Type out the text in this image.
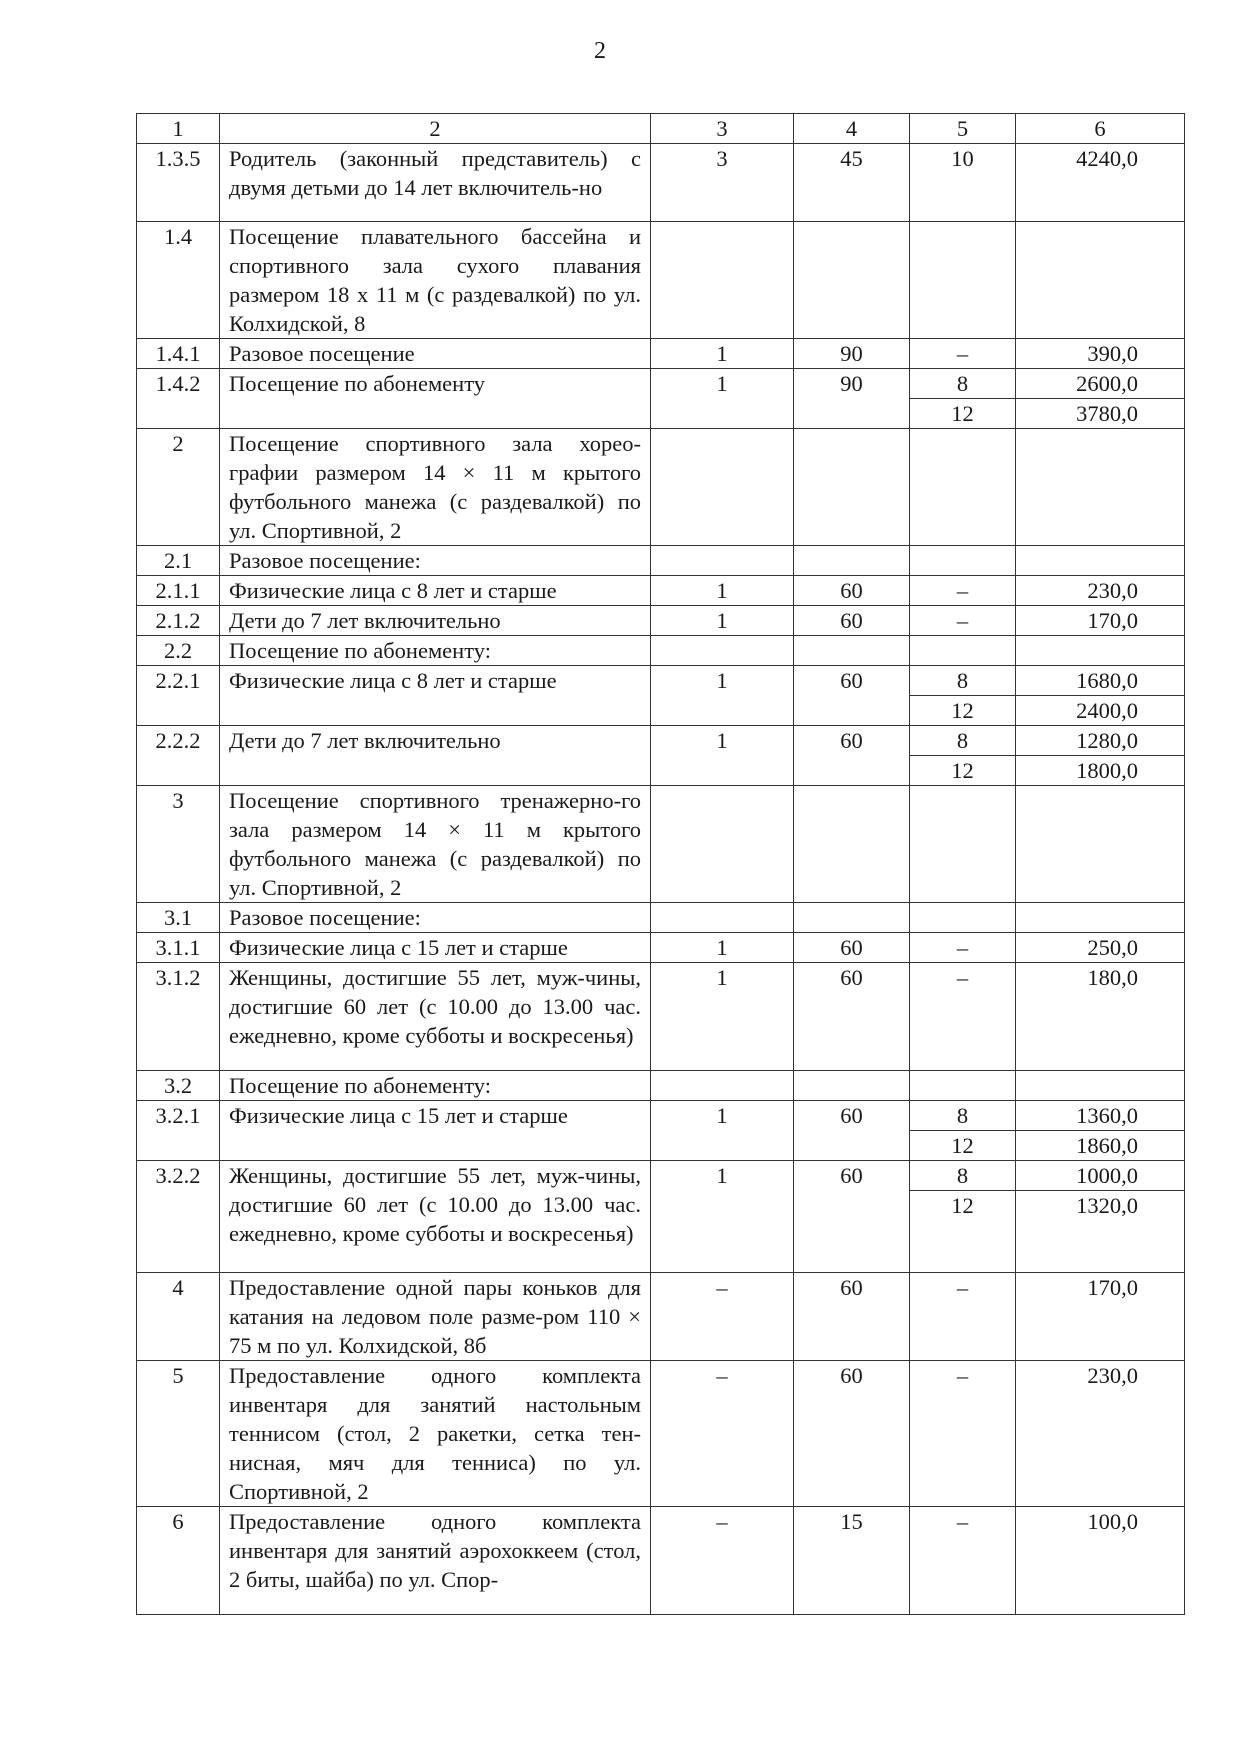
2
1	2	3	4	5	6
1.3.5	Родитель (законный представитель) с двумя детьми до 14 лет включитель-но	3	45	10	4240,0
1.4	Посещение плавательного бассейна и спортивного зала сухого плавания размером 18 х 11 м (с раздевалкой) по ул. Колхидской, 8				
1.4.1	Разовое посещение	1	90	–	390,0
1.4.2	Посещение по абонементу	1	90	8	2600,0
				12	3780,0
2	Посещение спортивного зала хорео-графии размером 14 × 11 м крытого футбольного манежа (с раздевалкой) по ул. Спортивной, 2				
2.1	Разовое посещение:				
2.1.1	Физические лица с 8 лет и старше	1	60	–	230,0
2.1.2	Дети до 7 лет включительно	1	60	–	170,0
2.2	Посещение по абонементу:				
2.2.1	Физические лица с 8 лет и старше	1	60	8	1680,0
				12	2400,0
2.2.2	Дети до 7 лет включительно	1	60	8	1280,0
				12	1800,0
3	Посещение спортивного тренажерно-го зала размером 14 × 11 м крытого футбольного манежа (с раздевалкой) по ул. Спортивной, 2				
3.1	Разовое посещение:				
3.1.1	Физические лица с 15 лет и старше	1	60	–	250,0
3.1.2	Женщины, достигшие 55 лет, муж-чины, достигшие 60 лет (с 10.00 до 13.00 час. ежедневно, кроме субботы и воскресенья)	1	60	–	180,0
3.2	Посещение по абонементу:				
3.2.1	Физические лица с 15 лет и старше	1	60	8	1360,0
				12	1860,0
3.2.2	Женщины, достигшие 55 лет, муж-чины, достигшие 60 лет (с 10.00 до 13.00 час. ежедневно, кроме субботы и воскресенья)	1	60	8	1000,0
				12	1320,0
4	Предоставление одной пары коньков для катания на ледовом поле разме-ром 110 × 75 м по ул. Колхидской, 8б	–	60	–	170,0
5	Предоставление одного комплекта инвентаря для занятий настольным теннисом (стол, 2 ракетки, сетка тен-нисная, мяч для тенниса) по ул. Спортивной, 2	–	60	–	230,0
6	Предоставление одного комплекта инвентаря для занятий аэрохоккеем (стол, 2 биты, шайба) по ул. Спор-	–	15	–	100,0
